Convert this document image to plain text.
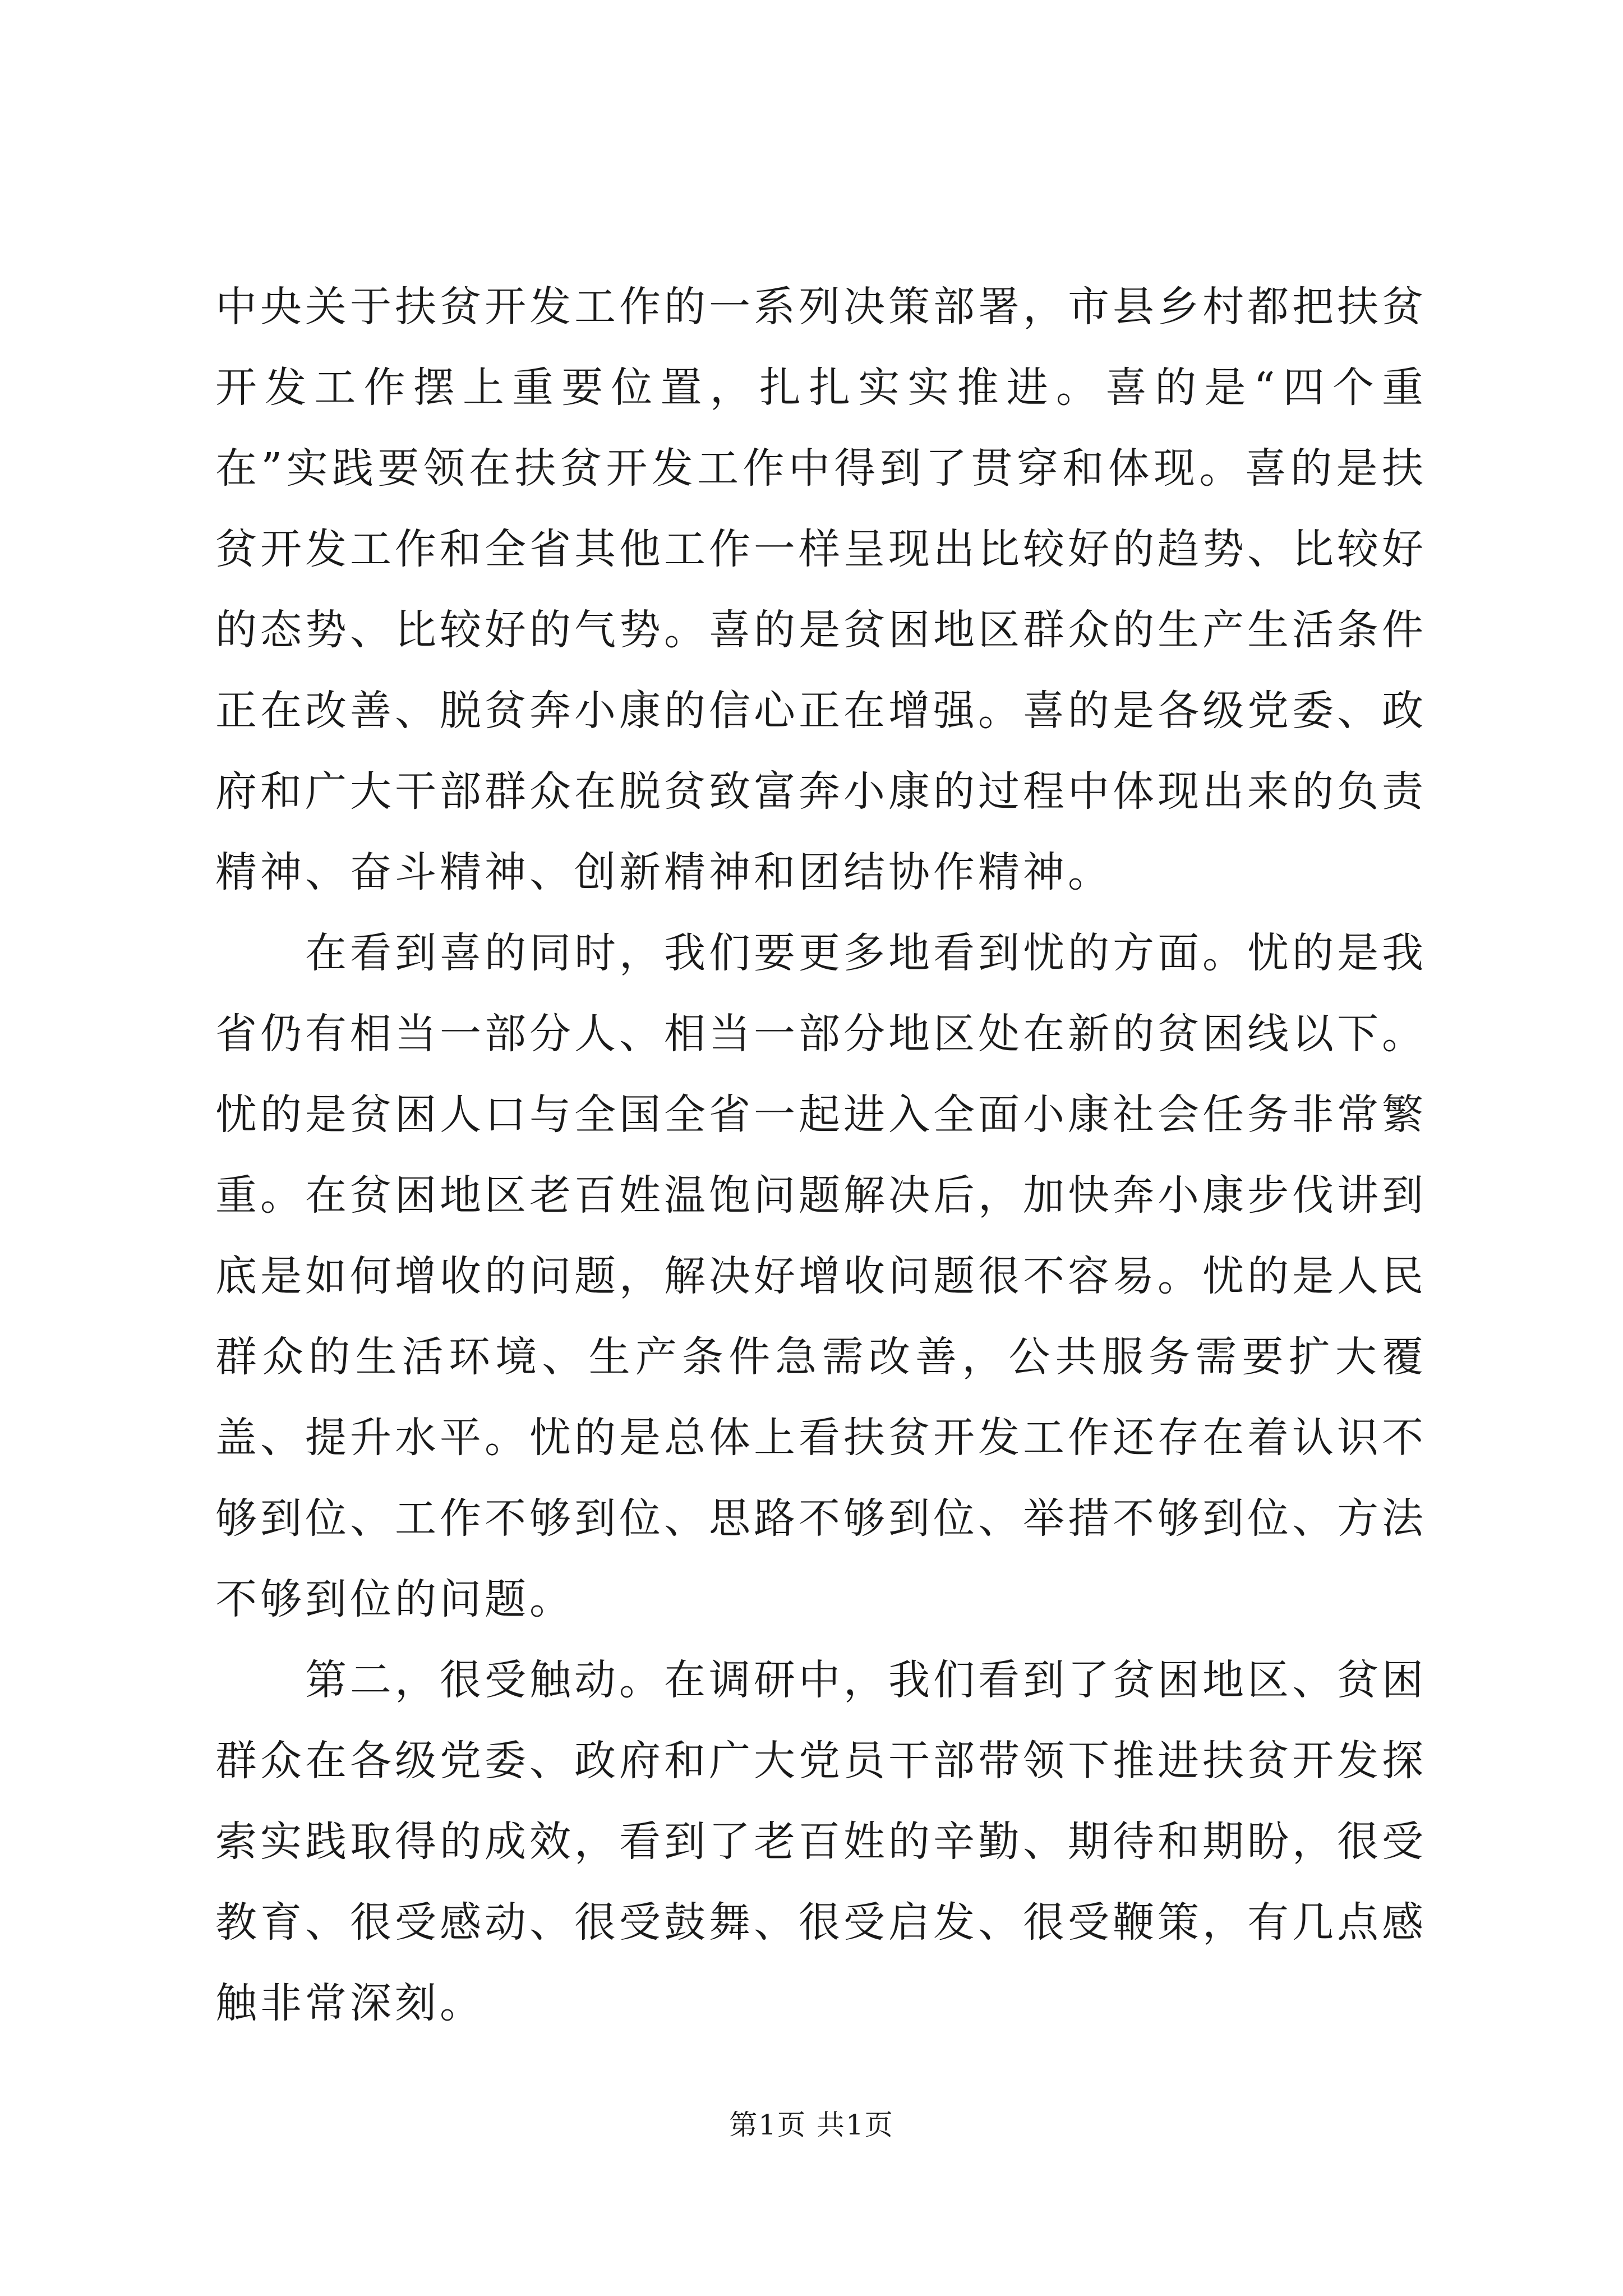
中央关于扶贫开发工作的一系列决策部署，市县乡村都把扶贫开发工作摆上重要位置，扎扎实实推进。喜的是“四个重在”实践要领在扶贫开发工作中得到了贯穿和体现。喜的是扶贫开发工作和全省其他工作一样呈现出比较好的趋势、比较好的态势、比较好的气势。喜的是贫困地区群众的生产生活条件正在改善、脱贫奔小康的信心正在增强。喜的是各级党委、政府和广大干部群众在脱贫致富奔小康的过程中体现出来的负责精神、奋斗精神、创新精神和团结协作精神。

在看到喜的同时，我们要更多地看到忧的方面。忧的是我省仍有相当一部分人、相当一部分地区处在新的贫困线以下。忧的是贫困人口与全国全省一起进入全面小康社会任务非常繁重。在贫困地区老百姓温饱问题解决后，加快奔小康步伐讲到底是如何增收的问题，解决好增收问题很不容易。忧的是人民群众的生活环境、生产条件急需改善，公共服务需要扩大覆盖、提升水平。忧的是总体上看扶贫开发工作还存在着认识不够到位、工作不够到位、思路不够到位、举措不够到位、方法不够到位的问题。

第二，很受触动。在调研中，我们看到了贫困地区、贫困群众在各级党委、政府和广大党员干部带领下推进扶贫开发探索实践取得的成效，看到了老百姓的辛勤、期待和期盼，很受教育、很受感动、很受鼓舞、很受启发、很受鞭策，有几点感触非常深刻。

第1页 共1页
